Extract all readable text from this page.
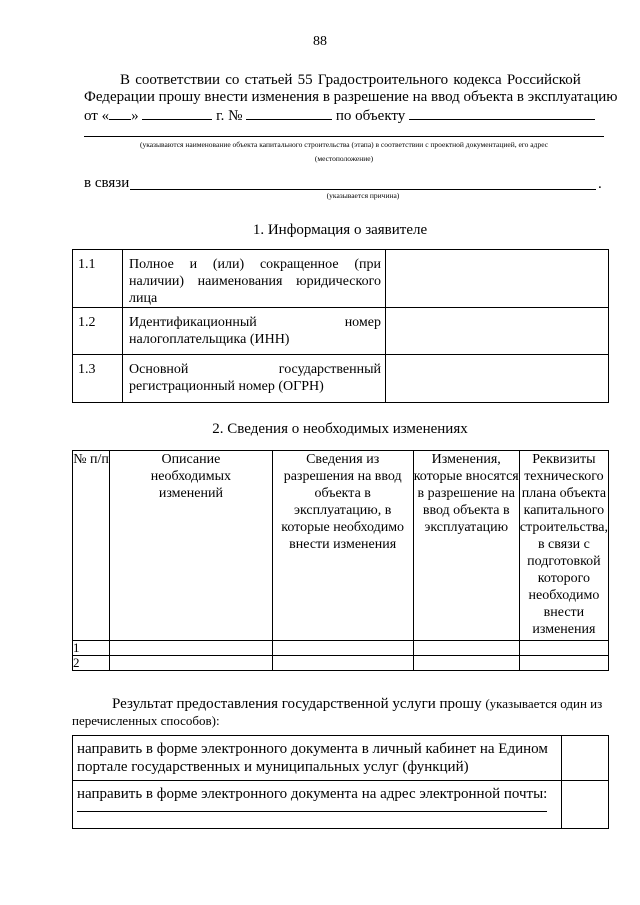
88
В соответствии со статьей 55 Градостроительного кодекса Российской
Федерации прошу внести изменения в разрешение на ввод объекта в эксплуатацию
от « »	г. №	по объекту
(указываются наименование объекта капитального строительства (этапа) в соответствии с проектной документацией, его адрес
(местоположение)
в связи	.
(указывается причина)
1. Информация о заявителе
1.1	Полное и (или) сокращенное (при наличии) наименования юридического лица	
1.2	Идентификационный номер налогоплательщика (ИНН)	
1.3	Основной государственный регистрационный номер (ОГРН)	
2. Сведения о необходимых изменениях
№ п/п	Описание необходимых изменений	Сведения из разрешения на ввод объекта в эксплуатацию, в которые необходимо внести изменения	Изменения, которые вносятся в разрешение на ввод объекта в эксплуатацию	Реквизиты технического плана объекта капитального строительства, в связи с подготовкой которого необходимо внести изменения
1				
2				
Результат предоставления государственной услуги прошу (указывается один из
перечисленных способов):
направить в форме электронного документа в личный кабинет на Едином портале государственных и муниципальных услуг (функций)	

направить в форме электронного документа на адрес электронной почты:	
